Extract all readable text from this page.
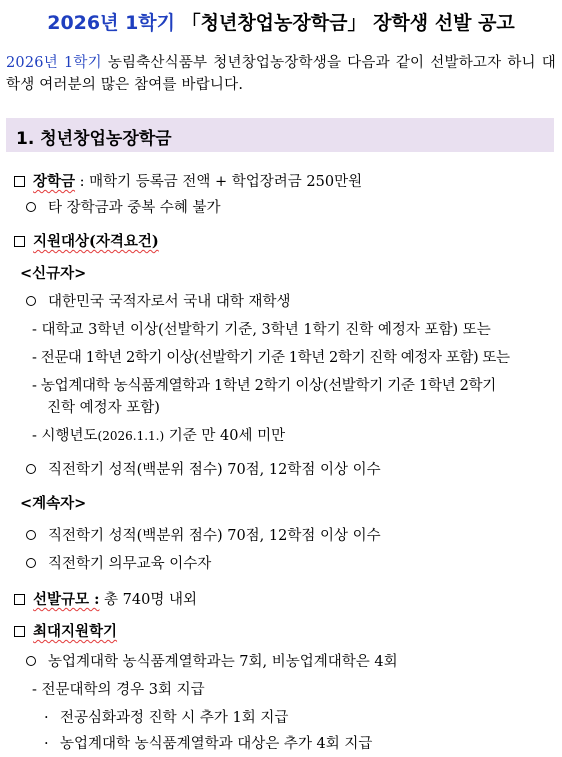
2026년 1학기 「청년창업농장학금」 장학생 선발 공고
2026년 1학기 농림축산식품부 청년창업농장학생을 다음과 같이 선발하고자 하니 대학생 여러분의 많은 참여를 바랍니다.
1. 청년창업농장학금
장학금 : 매학기 등록금 전액 + 학업장려금 250만원
타 장학금과 중복 수혜 불가
지원대상(자격요건)
<신규자>
대한민국 국적자로서 국내 대학 재학생
- 대학교 3학년 이상(선발학기 기준, 3학년 1학기 진학 예정자 포함) 또는
- 전문대 1학년 2학기 이상(선발학기 기준 1학년 2학기 진학 예정자 포함) 또는
- 농업계대학 농식품계열학과 1학년 2학기 이상(선발학기 기준 1학년 2학기
진학 예정자 포함)
- 시행년도(2026.1.1.) 기준 만 40세 미만
직전학기 성적(백분위 점수) 70점, 12학점 이상 이수
<계속자>
직전학기 성적(백분위 점수) 70점, 12학점 이상 이수
직전학기 의무교육 이수자
선발규모 : 총 740명 내외
최대지원학기
농업계대학 농식품계열학과는 7회, 비농업계대학은 4회
- 전문대학의 경우 3회 지급
· 전공심화과정 진학 시 추가 1회 지급
· 농업계대학 농식품계열학과 대상은 추가 4회 지급
